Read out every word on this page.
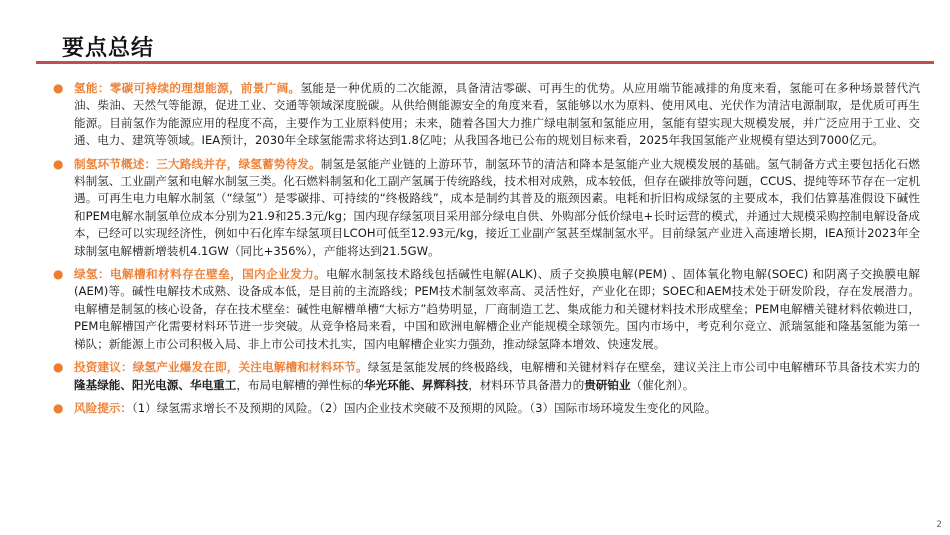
要点总结
● 氢能：零碳可持续的理想能源，前景广阔。氢能是一种优质的二次能源，具备清洁零碳、可再生的优势。从应用端节能减排的角度来看，氢能可在多种场景替代汽油、柴油、天然气等能源，促进工业、交通等领域深度脱碳。从供给侧能源安全的角度来看，氢能够以水为原料、使用风电、光伏作为清洁电源制取，是优质可再生能源。目前氢作为能源应用的程度不高，主要作为工业原料使用；未来，随着各国大力推广绿电制氢和氢能应用，氢能有望实现大规模发展，并广泛应用于工业、交通、电力、建筑等领域。IEA预计，2030年全球氢能需求将达到1.8亿吨；从我国各地已公布的规划目标来看，2025年我国氢能产业规模有望达到7000亿元。
● 制氢环节概述：三大路线并存，绿氢蓄势待发。制氢是氢能产业链的上游环节，制氢环节的清洁和降本是氢能产业大规模发展的基础。氢气制备方式主要包括化石燃料制氢、工业副产氢和电解水制氢三类。化石燃料制氢和化工副产氢属于传统路线，技术相对成熟，成本较低，但存在碳排放等问题，CCUS、提纯等环节存在一定机遇。可再生电力电解水制氢（“绿氢”）是零碳排、可持续的“终极路线”，成本是制约其普及的瓶颈因素。电耗和折旧构成绿氢的主要成本，我们估算基准假设下碱性和PEM电解水制氢单位成本分别为21.9和25.3元/kg；国内现存绿氢项目采用部分绿电自供、外购部分低价绿电+长时运营的模式，并通过大规模采购控制电解设备成本，已经可以实现经济性，例如中石化库车绿氢项目LCOH可低至12.93元/kg，接近工业副产氢甚至煤制氢水平。目前绿氢产业进入高速增长期，IEA预计2023年全球制氢电解槽新增装机4.1GW（同比+356%），产能将达到21.5GW。
● 绿氢：电解槽和材料存在壁垒，国内企业发力。电解水制氢技术路线包括碱性电解(ALK)、质子交换膜电解(PEM) 、固体氧化物电解(SOEC) 和阴离子交换膜电解(AEM)等。碱性电解技术成熟、设备成本低，是目前的主流路线；PEM技术制氢效率高、灵活性好，产业化在即；SOEC和AEM技术处于研发阶段，存在发展潜力。电解槽是制氢的核心设备，存在技术壁垒：碱性电解槽单槽“大标方”趋势明显，厂商制造工艺、集成能力和关键材料技术形成壁垒；PEM电解槽关键材料依赖进口，PEM电解槽国产化需要材料环节进一步突破。从竞争格局来看，中国和欧洲电解槽企业产能规模全球领先。国内市场中，考克利尔竞立、派瑞氢能和隆基氢能为第一梯队；新能源上市公司积极入局、非上市公司技术扎实，国内电解槽企业实力强劲，推动绿氢降本增效、快速发展。
● 投资建议：绿氢产业爆发在即，关注电解槽和材料环节。绿氢是氢能发展的终极路线，电解槽和关键材料存在壁垒，建议关注上市公司中电解槽环节具备技术实力的隆基绿能、阳光电源、华电重工，布局电解槽的弹性标的华光环能、昇辉科技，材料环节具备潜力的贵研铂业（催化剂）。
● 风险提示：（1）绿氢需求增长不及预期的风险。（2）国内企业技术突破不及预期的风险。（3）国际市场环境发生变化的风险。
2
